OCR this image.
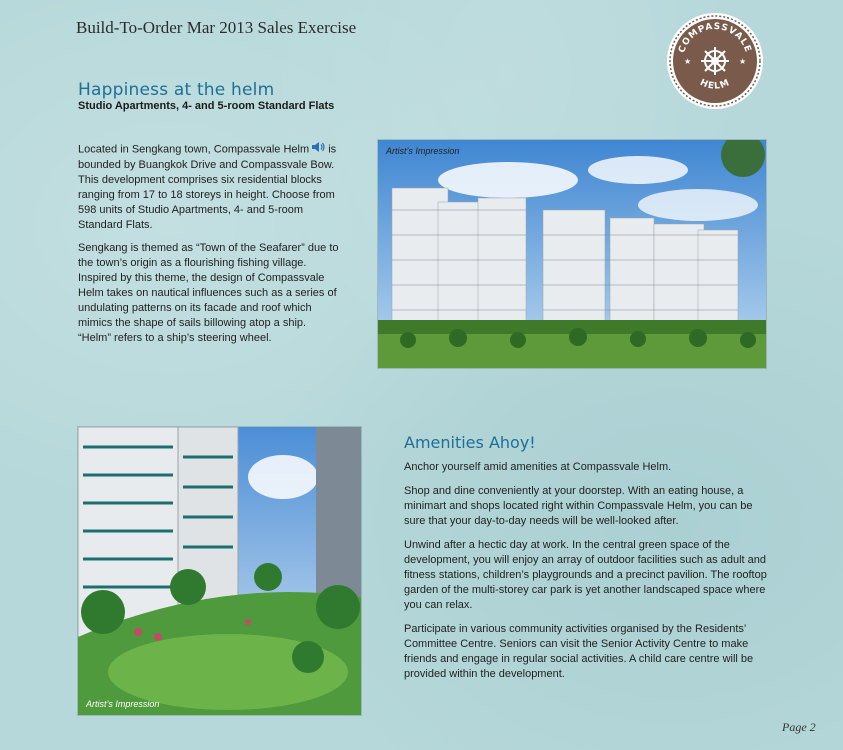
Build-To-Order Mar 2013 Sales Exercise
COMPASSVALE
HELM
★	★
Happiness at the helm
Studio Apartments, 4- and 5-room Standard Flats

Located in Sengkang town, Compassvale Helm is bounded by Buangkok Drive and Compassvale Bow. This development comprises six residential blocks ranging from 17 to 18 storeys in height. Choose from 598 units of Studio Apartments, 4- and 5-room Standard Flats.

Sengkang is themed as “Town of the Seafarer” due to the town’s origin as a flourishing fishing village. Inspired by this theme, the design of Compassvale Helm takes on nautical influences such as a series of undulating patterns on its facade and roof which mimics the shape of sails billowing atop a ship. “Helm” refers to a ship’s steering wheel.

Artist’s Impression
Artist’s Impression
Amenities Ahoy!

Anchor yourself amid amenities at Compassvale Helm.

Shop and dine conveniently at your doorstep. With an eating house, a minimart and shops located right within Compassvale Helm, you can be sure that your day-to-day needs will be well-looked after.

Unwind after a hectic day at work. In the central green space of the development, you will enjoy an array of outdoor facilities such as adult and fitness stations, children’s playgrounds and a precinct pavilion. The rooftop garden of the multi-storey car park is yet another landscaped space where you can relax.

Participate in various community activities organised by the Residents’ Committee Centre. Seniors can visit the Senior Activity Centre to make friends and engage in regular social activities. A child care centre will be provided within the development.

Page 2
